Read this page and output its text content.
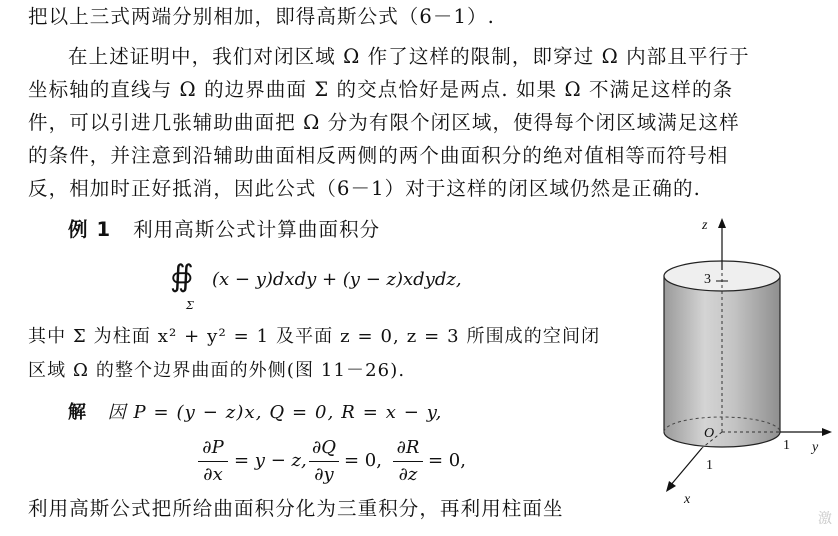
把以上三式两端分别相加，即得高斯公式（6－1）.
在上述证明中，我们对闭区域 Ω 作了这样的限制，即穿过 Ω 内部且平行于
坐标轴的直线与 Ω 的边界曲面 Σ 的交点恰好是两点. 如果 Ω 不满足这样的条
件，可以引进几张辅助曲面把 Ω 分为有限个闭区域，使得每个闭区域满足这样
的条件，并注意到沿辅助曲面相反两侧的两个曲面积分的绝对值相等而符号相
反，相加时正好抵消，因此公式（6－1）对于这样的闭区域仍然是正确的.
例 1 利用高斯公式计算曲面积分
∯
Σ
(x − y)dxdy + (y − z)xdydz,
其中 Σ 为柱面 x² + y² = 1 及平面 z = 0, z = 3 所围成的空间闭
区域 Ω 的整个边界曲面的外侧(图 11－26).
解 因 P = (y − z)x, Q = 0, R = x − y,
∂P
∂x
= y − z,
∂Q
∂y
= 0,
∂R
∂z
= 0,
利用高斯公式把所给曲面积分化为三重积分，再利用柱面坐
z
3
O
1 y
1
x
激
